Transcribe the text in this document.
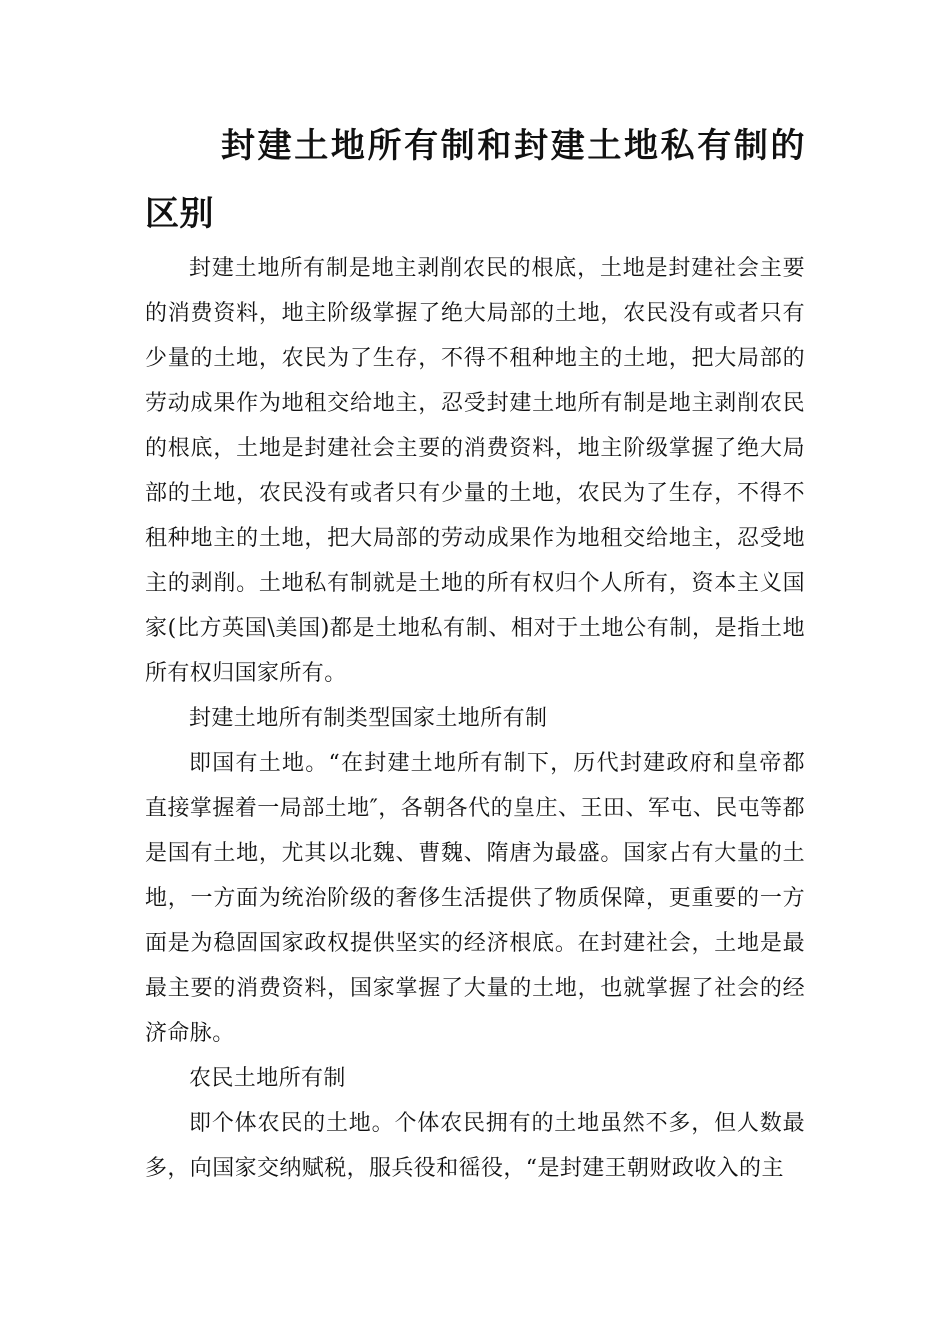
封建土地所有制和封建土地私有制的区别

封建土地所有制是地主剥削农民的根底，土地是封建社会主要的消费资料，地主阶级掌握了绝大局部的土地，农民没有或者只有少量的土地，农民为了生存，不得不租种地主的土地，把大局部的劳动成果作为地租交给地主，忍受封建土地所有制是地主剥削农民的根底，土地是封建社会主要的消费资料，地主阶级掌握了绝大局部的土地，农民没有或者只有少量的土地，农民为了生存，不得不租种地主的土地，把大局部的劳动成果作为地租交给地主，忍受地主的剥削。土地私有制就是土地的所有权归个人所有，资本主义国家(比方英国\美国)都是土地私有制、相对于土地公有制，是指土地所有权归国家所有。

封建土地所有制类型国家土地所有制

即国有土地。“在封建土地所有制下，历代封建政府和皇帝都直接掌握着一局部土地″，各朝各代的皇庄、王田、军屯、民屯等都是国有土地，尤其以北魏、曹魏、隋唐为最盛。国家占有大量的土地，一方面为统治阶级的奢侈生活提供了物质保障，更重要的一方面是为稳固国家政权提供坚实的经济根底。在封建社会，土地是最最主要的消费资料，国家掌握了大量的土地，也就掌握了社会的经济命脉。

农民土地所有制

即个体农民的土地。个体农民拥有的土地虽然不多，但人数最多，向国家交纳赋税，服兵役和徭役，“是封建王朝财政收入的主
